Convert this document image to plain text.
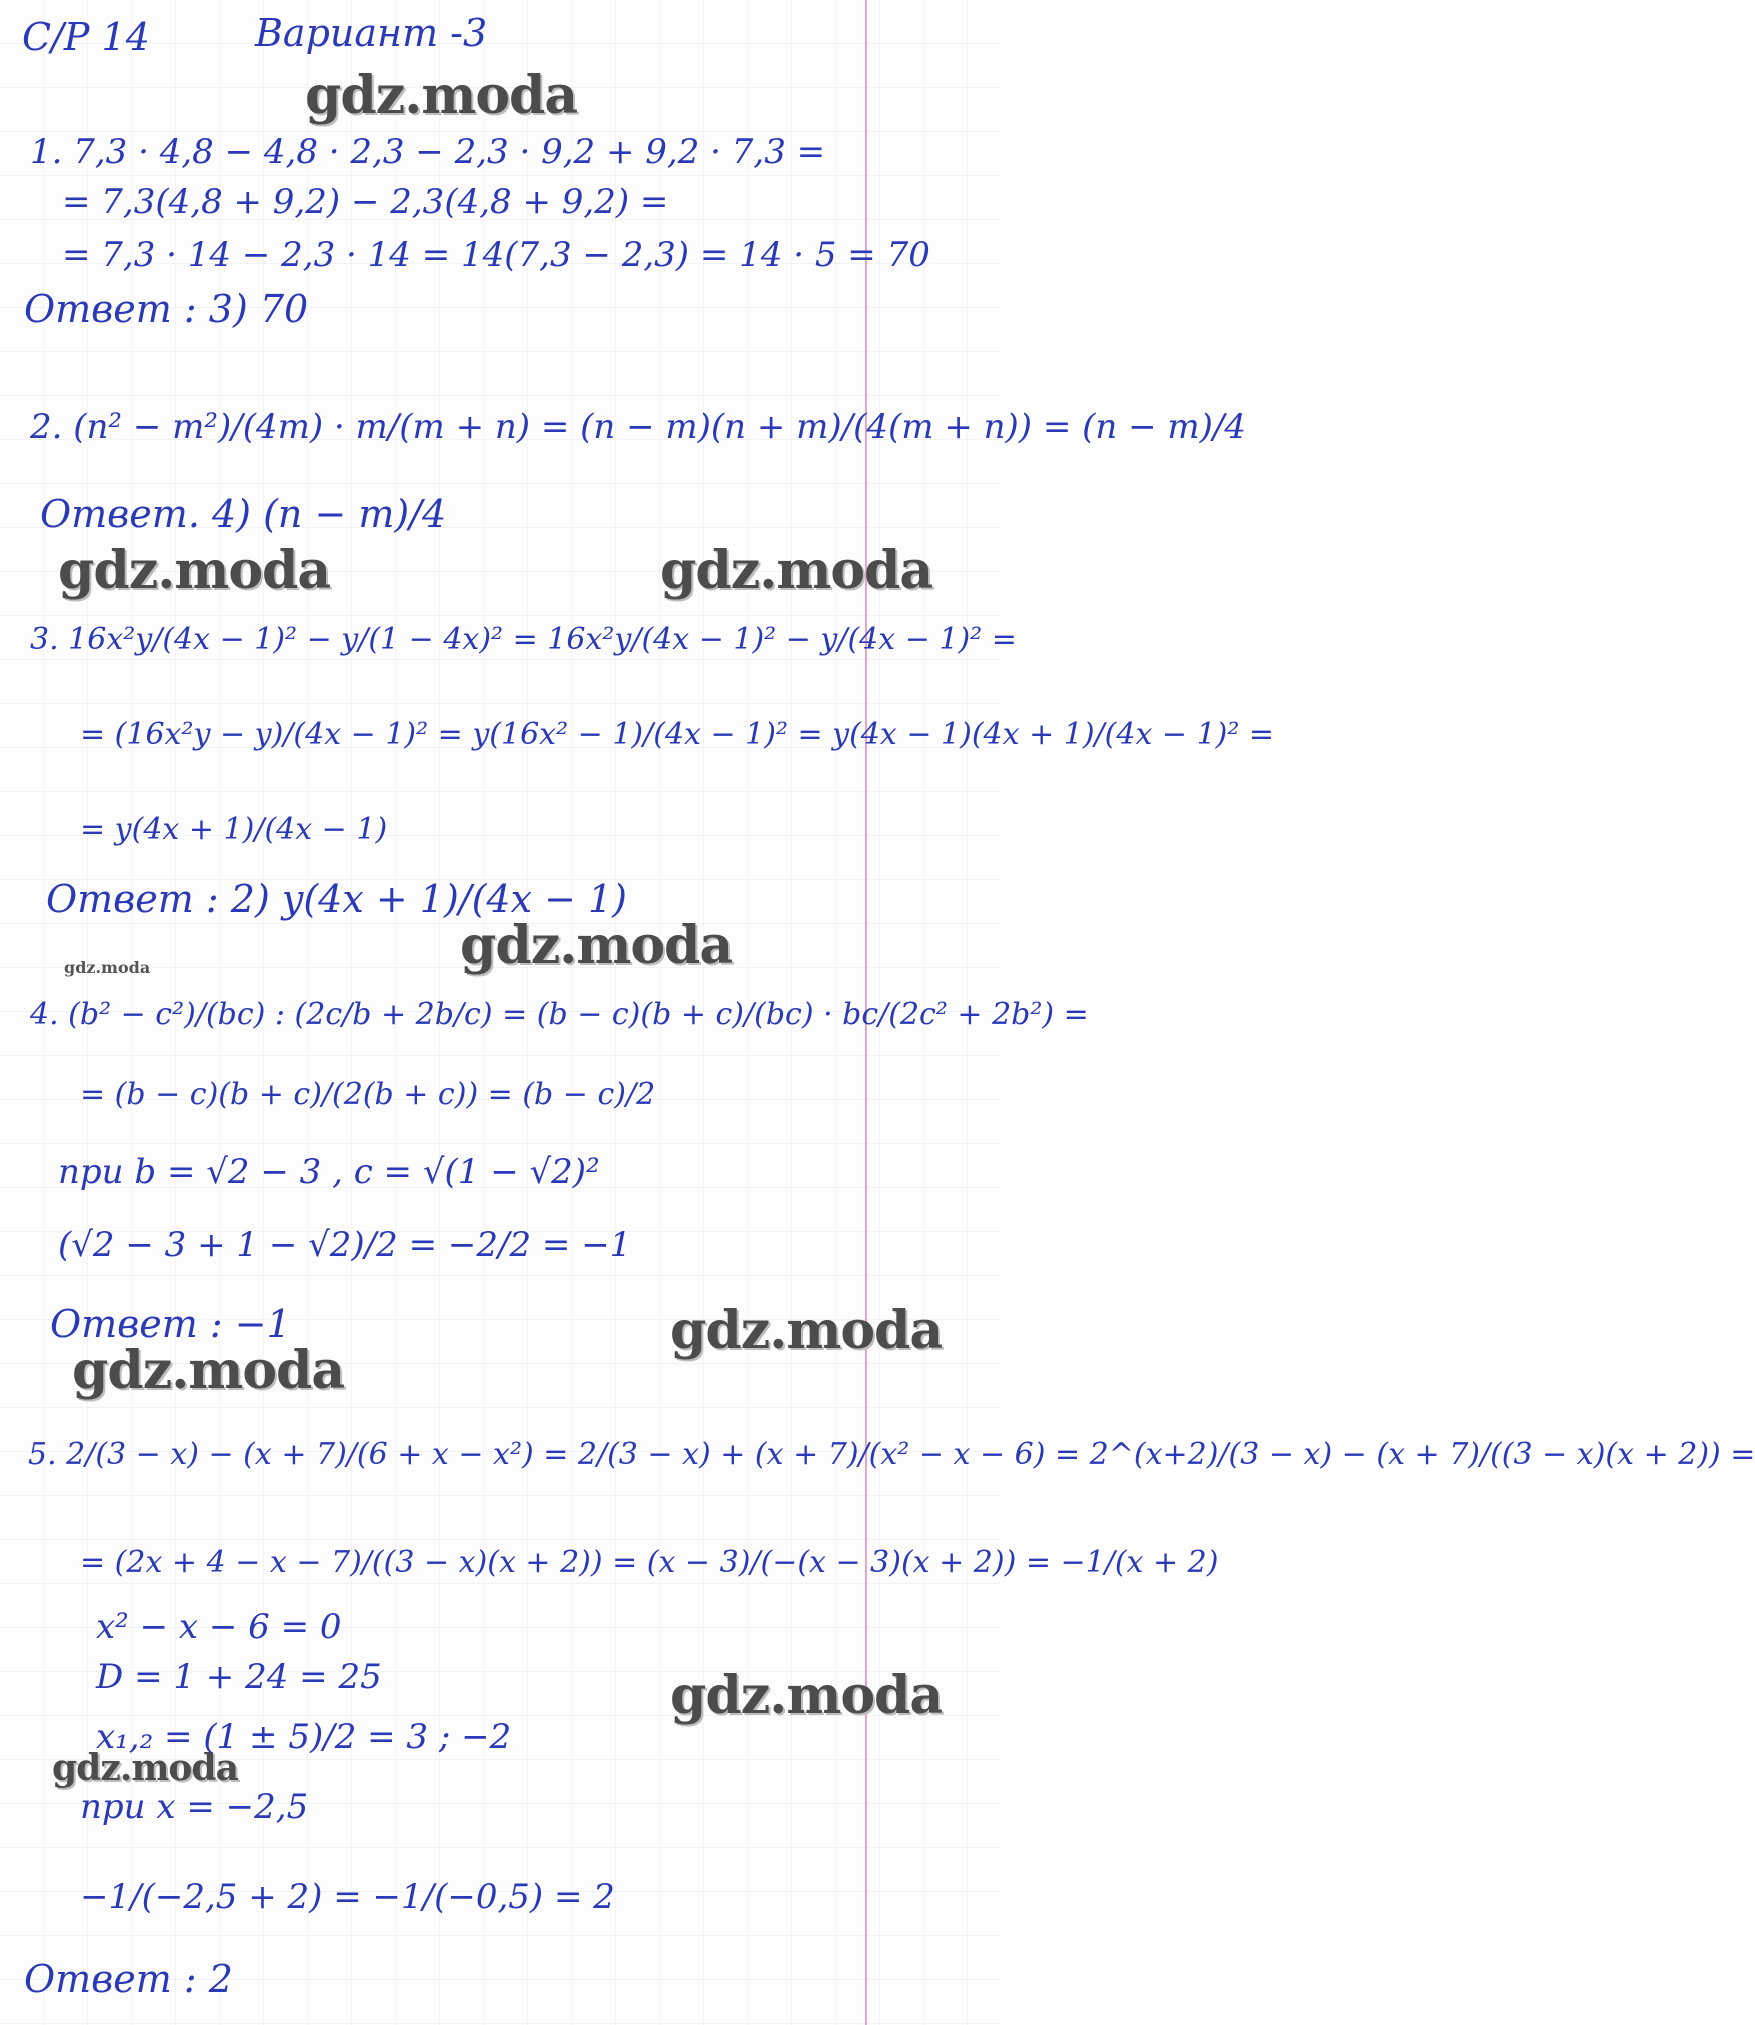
С/Р 14	Вариант -3
gdz.moda
gdz.moda	gdz.moda
gdz.moda
gdz.moda
gdz.moda
gdz.moda
gdz.moda
gdz.moda
1. 7,3 · 4,8 − 4,8 · 2,3 − 2,3 · 9,2 + 9,2 · 7,3 =
= 7,3(4,8 + 9,2) − 2,3(4,8 + 9,2) =
= 7,3 · 14 − 2,3 · 14 = 14(7,3 − 2,3) = 14 · 5 = 70
Ответ : 3) 70
2. (n² − m²)/(4m) · m/(m + n) = (n − m)(n + m)/(4(m + n)) = (n − m)/4
Ответ. 4) (n − m)/4
3. 16x²y/(4x − 1)² − y/(1 − 4x)² = 16x²y/(4x − 1)² − y/(4x − 1)² =
= (16x²y − y)/(4x − 1)² = y(16x² − 1)/(4x − 1)² = y(4x − 1)(4x + 1)/(4x − 1)² =
= y(4x + 1)/(4x − 1)
Ответ : 2) y(4x + 1)/(4x − 1)
4. (b² − c²)/(bc) : (2c/b + 2b/c) = (b − c)(b + c)/(bc) · bc/(2c² + 2b²) =
= (b − c)(b + c)/(2(b + c)) = (b − c)/2
при b = √2 − 3 , c = √(1 − √2)²
(√2 − 3 + 1 − √2)/2 = −2/2 = −1
Ответ : −1
5. 2/(3 − x) − (x + 7)/(6 + x − x²) = 2/(3 − x) + (x + 7)/(x² − x − 6) = 2^(x+2)/(3 − x) − (x + 7)/((3 − x)(x + 2)) =
= (2x + 4 − x − 7)/((3 − x)(x + 2)) = (x − 3)/(−(x − 3)(x + 2)) = −1/(x + 2)
x² − x − 6 = 0
D = 1 + 24 = 25
x₁,₂ = (1 ± 5)/2 = 3 ; −2
при x = −2,5
−1/(−2,5 + 2) = −1/(−0,5) = 2
Ответ : 2
